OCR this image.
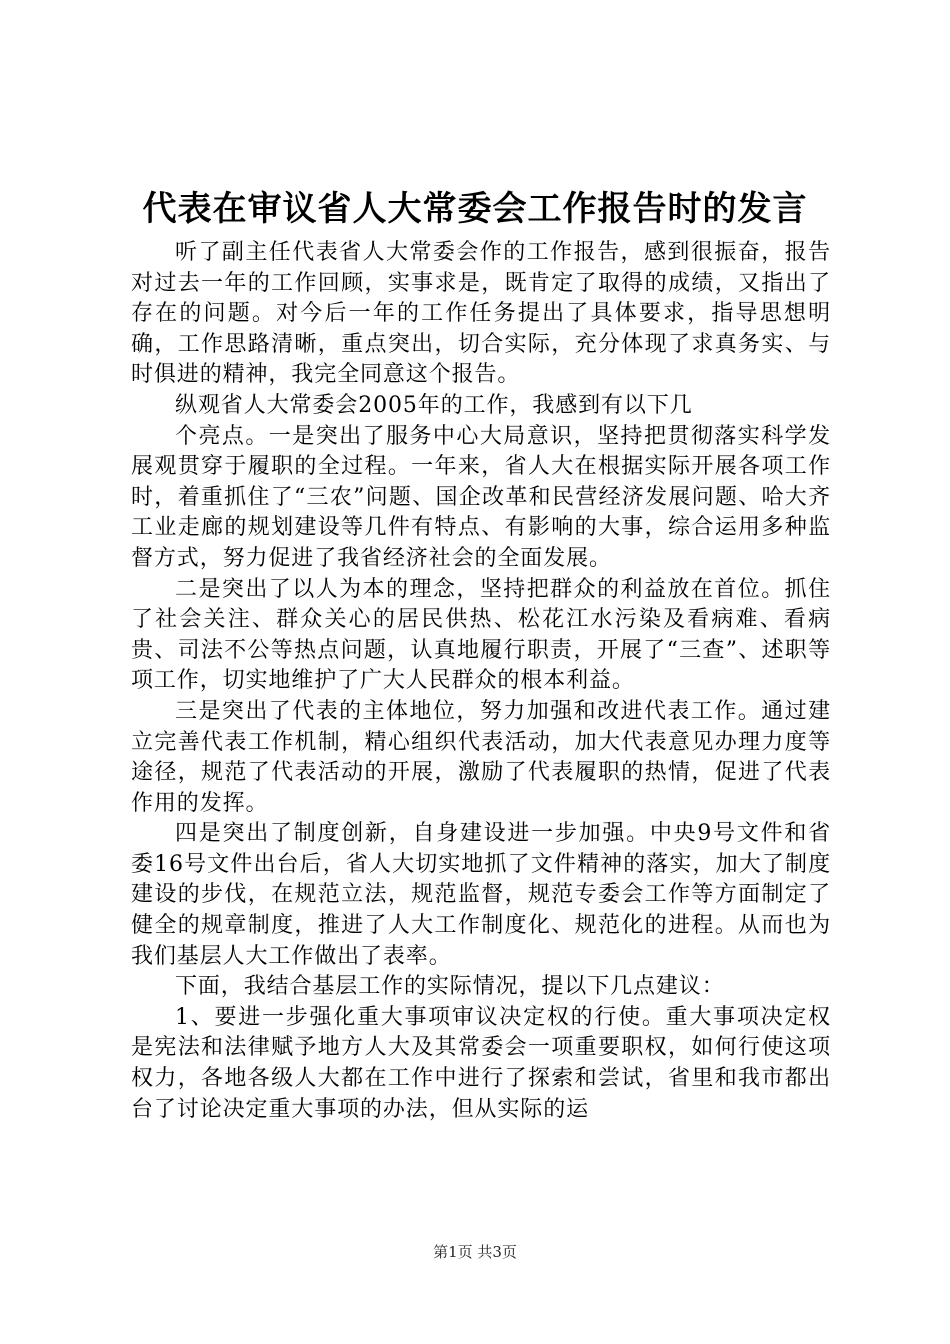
代表在审议省人大常委会工作报告时的发言

听了副主任代表省人大常委会作的工作报告，感到很振奋，报告对过去一年的工作回顾，实事求是，既肯定了取得的成绩，又指出了存在的问题。对今后一年的工作任务提出了具体要求，指导思想明确，工作思路清晰，重点突出，切合实际，充分体现了求真务实、与时俱进的精神，我完全同意这个报告。

纵观省人大常委会2005年的工作，我感到有以下几

个亮点。一是突出了服务中心大局意识，坚持把贯彻落实科学发展观贯穿于履职的全过程。一年来，省人大在根据实际开展各项工作时，着重抓住了“三农”问题、国企改革和民营经济发展问题、哈大齐工业走廊的规划建设等几件有特点、有影响的大事，综合运用多种监督方式，努力促进了我省经济社会的全面发展。

二是突出了以人为本的理念，坚持把群众的利益放在首位。抓住了社会关注、群众关心的居民供热、松花江水污染及看病难、看病贵、司法不公等热点问题，认真地履行职责，开展了“三查”、述职等项工作，切实地维护了广大人民群众的根本利益。

三是突出了代表的主体地位，努力加强和改进代表工作。通过建立完善代表工作机制，精心组织代表活动，加大代表意见办理力度等途径，规范了代表活动的开展，激励了代表履职的热情，促进了代表作用的发挥。

四是突出了制度创新，自身建设进一步加强。中央9号文件和省委16号文件出台后，省人大切实地抓了文件精神的落实，加大了制度建设的步伐，在规范立法，规范监督，规范专委会工作等方面制定了健全的规章制度，推进了人大工作制度化、规范化的进程。从而也为我们基层人大工作做出了表率。

下面，我结合基层工作的实际情况，提以下几点建议：

1、要进一步强化重大事项审议决定权的行使。重大事项决定权是宪法和法律赋予地方人大及其常委会一项重要职权，如何行使这项权力，各地各级人大都在工作中进行了探索和尝试，省里和我市都出台了讨论决定重大事项的办法，但从实际的运

第1页 共3页
